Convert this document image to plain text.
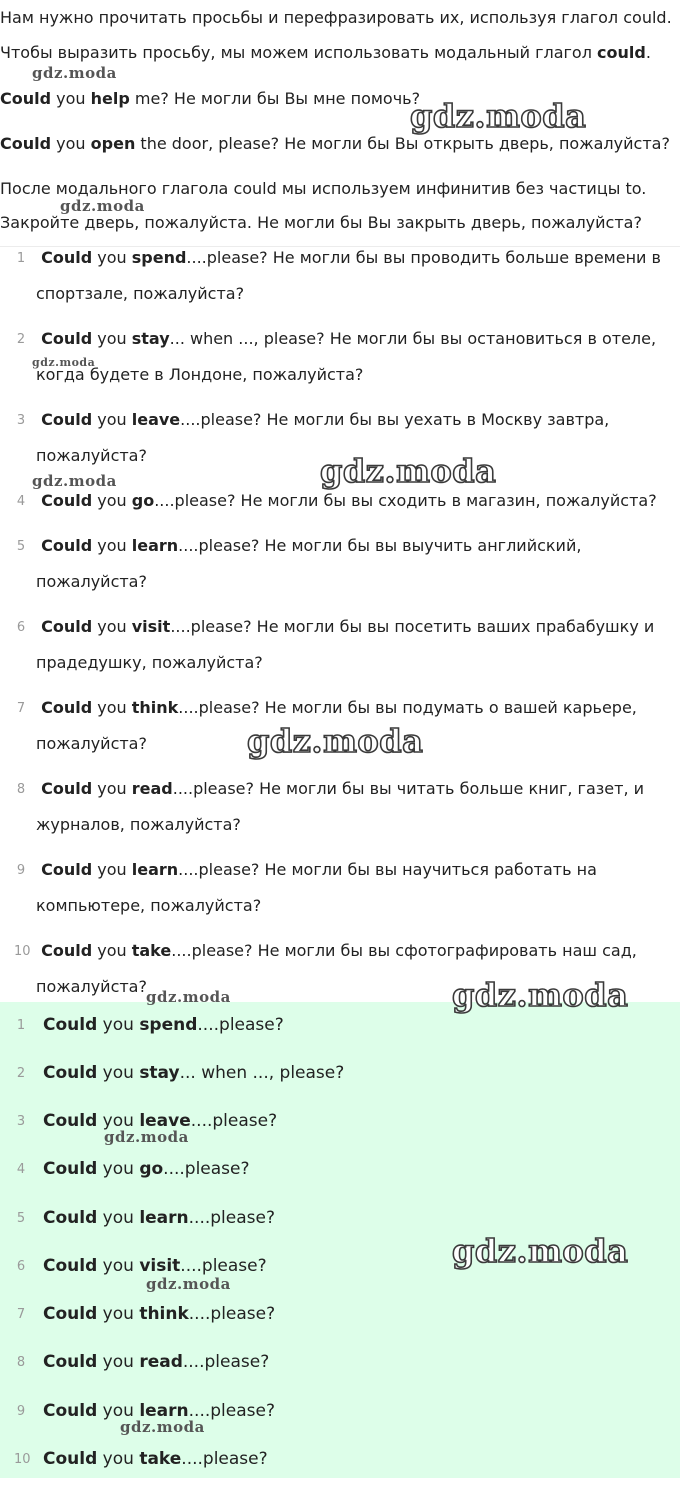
Нам нужно прочитать просьбы и перефразировать их, используя глагол could.

Чтобы выразить просьбу, мы можем использовать модальный глагол could.

Could you help me? Не могли бы Вы мне помочь?

Could you open the door, please? Не могли бы Вы открыть дверь, пожалуйста?

После модального глагола could мы используем инфинитив без частицы to.

Закройте дверь, пожалуйста. Не могли бы Вы закрыть дверь, пожалуйста?

1 Could you spend....please? Не могли бы вы проводить больше времени в спортзале, пожалуйста?
2 Could you stay... when ..., please? Не могли бы вы остановиться в отеле, когда будете в Лондоне, пожалуйста?
3 Could you leave....please? Не могли бы вы уехать в Москву завтра, пожалуйста?
4 Could you go....please? Не могли бы вы сходить в магазин, пожалуйста?
5 Could you learn....please? Не могли бы вы выучить английский, пожалуйста?
6 Could you visit....please? Не могли бы вы посетить ваших прабабушку и прадедушку, пожалуйста?
7 Could you think....please? Не могли бы вы подумать о вашей карьере, пожалуйста?
8 Could you read....please? Не могли бы вы читать больше книг, газет, и журналов, пожалуйста?
9 Could you learn....please? Не могли бы вы научиться работать на компьютере, пожалуйста?
10 Could you take....please? Не могли бы вы сфотографировать наш сад, пожалуйста?
1 Could you spend....please?
2 Could you stay... when ..., please?
3 Could you leave....please?
4 Could you go....please?
5 Could you learn....please?
6 Could you visit....please?
7 Could you think....please?
8 Could you read....please?
9 Could you learn....please?
10 Could you take....please?
gdz.moda
gdz.moda
gdz.moda
gdz.moda
gdz.moda	gdz.moda
gdz.moda
gdz.moda	gdz.moda
gdz.moda
gdz.moda
gdz.moda
gdz.moda
